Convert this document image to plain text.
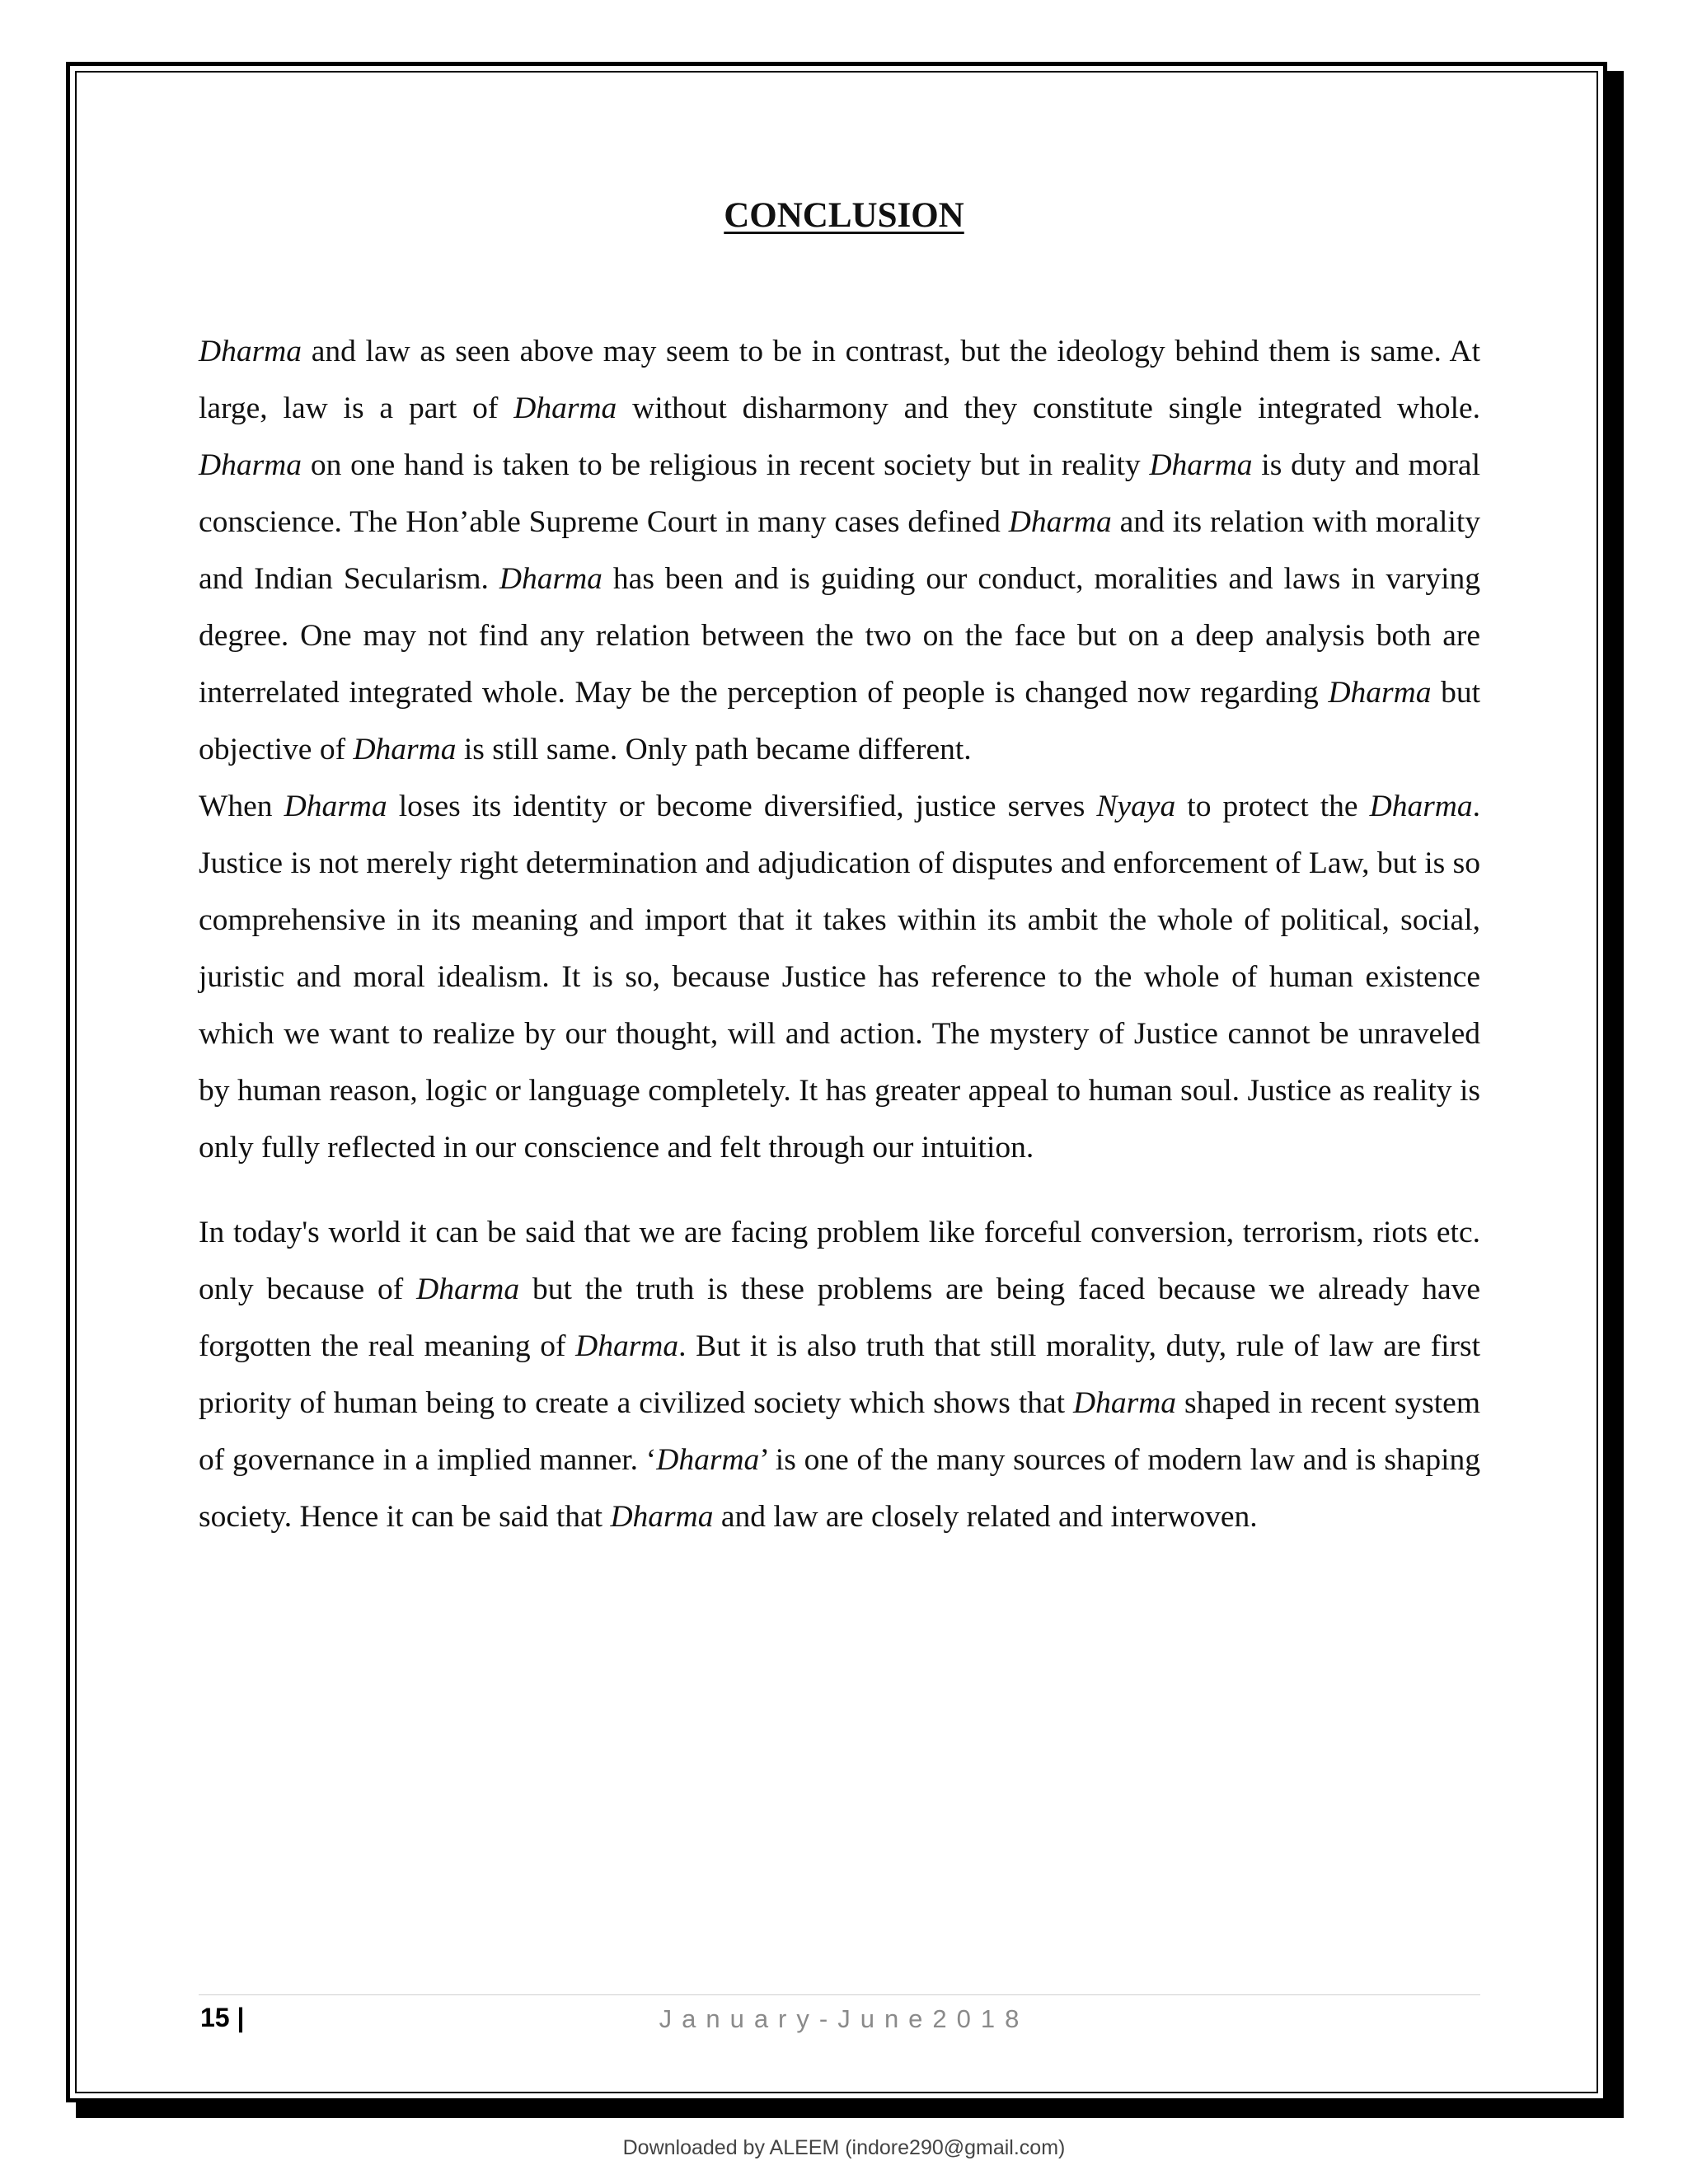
CONCLUSION

Dharma and law as seen above may seem to be in contrast, but the ideology behind them is same. At large, law is a part of Dharma without disharmony and they constitute single integrated whole. Dharma on one hand is taken to be religious in recent society but in reality Dharma is duty and moral conscience. The Hon’able Supreme Court in many cases defined Dharma and its relation with morality and Indian Secularism. Dharma has been and is guiding our conduct, moralities and laws in varying degree. One may not find any relation between the two on the face but on a deep analysis both are interrelated integrated whole. May be the perception of people is changed now regarding Dharma but objective of Dharma is still same. Only path became different.

When Dharma loses its identity or become diversified, justice serves Nyaya to protect the Dharma. Justice is not merely right determination and adjudication of disputes and enforcement of Law, but is so comprehensive in its meaning and import that it takes within its ambit the whole of political, social, juristic and moral idealism. It is so, because Justice has reference to the whole of human existence which we want to realize by our thought, will and action. The mystery of Justice cannot be unraveled by human reason, logic or language completely. It has greater appeal to human soul. Justice as reality is only fully reflected in our conscience and felt through our intuition.

In today's world it can be said that we are facing problem like forceful conversion, terrorism, riots etc. only because of Dharma but the truth is these problems are being faced because we already have forgotten the real meaning of Dharma. But it is also truth that still morality, duty, rule of law are first priority of human being to create a civilized society which shows that Dharma shaped in recent system of governance in a implied manner. ‘Dharma’ is one of the many sources of modern law and is shaping society. Hence it can be said that Dharma and law are closely related and interwoven.

15 |	January-June2018
Downloaded by ALEEM (indore290@gmail.com)
